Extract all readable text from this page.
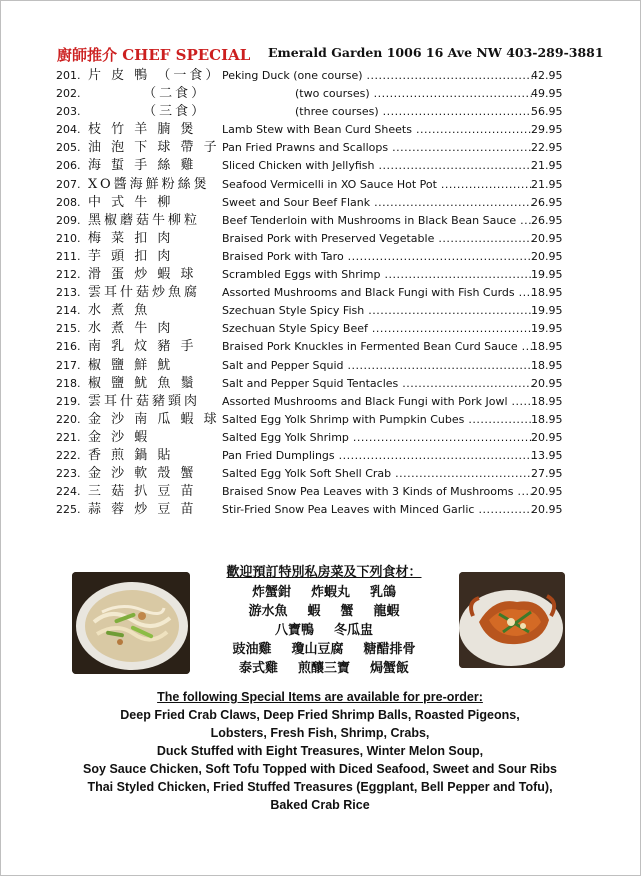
廚師推介 CHEF SPECIAL Emerald Garden 1006 16 Ave NW 403-289-3881
201. 片 皮 鴨 （一食） Peking Duck (one course) .....	42.95
202. 　　　 （二食）	(two courses) .....	49.95
203. 　　　 （三食）	(three courses) .....	56.95
204. 枝 竹 羊 腩 煲	Lamb Stew with Bean Curd Sheets .....	29.95
205. 油 泡 下 球 帶 子 Pan Fried Prawns and Scallops .....	22.95
206. 海 蜇 手 絲 雞	Sliced Chicken with Jellyfish .....	21.95
207. XO醬海鮮粉絲煲	Seafood Vermicelli in XO Sauce Hot Pot .....	21.95
208. 中 式 牛 柳	Sweet and Sour Beef Flank .....	26.95
209. 黑椒蘑菇牛柳粒	Beef Tenderloin with Mushrooms in Black Bean Sauce .....	26.95
210. 梅 菜 扣 肉	Braised Pork with Preserved Vegetable .....	20.95
211. 芋 頭 扣 肉	Braised Pork with Taro .....	20.95
212. 滑 蛋 炒 蝦 球	Scrambled Eggs with Shrimp .....	19.95
213. 雲耳什菇炒魚腐	Assorted Mushrooms and Black Fungi with Fish Curds .....	18.95
214. 水 煮 魚	Szechuan Style Spicy Fish .....	19.95
215. 水 煮 牛 肉	Szechuan Style Spicy Beef .....	19.95
216. 南 乳 炆 豬 手	Braised Pork Knuckles in Fermented Bean Curd Sauce .....	18.95
217. 椒 鹽 鮮 魷	Salt and Pepper Squid .....	18.95
218. 椒 鹽 魷 魚 鬚	Salt and Pepper Squid Tentacles .....	20.95
219. 雲耳什菇豬頸肉	Assorted Mushrooms and Black Fungi with Pork Jowl .....	18.95
220. 金 沙 南 瓜 蝦 球 Salted Egg Yolk Shrimp with Pumpkin Cubes .....	18.95
221. 金 沙 蝦	Salted Egg Yolk Shrimp .....	20.95
222. 香 煎 鍋 貼	Pan Fried Dumplings .....	13.95
223. 金 沙 軟 殼 蟹	Salted Egg Yolk Soft Shell Crab .....	27.95
224. 三 菇 扒 豆 苗	Braised Snow Pea Leaves with 3 Kinds of Mushrooms .....	20.95
225. 蒜 蓉 炒 豆 苗	Stir-Fried Snow Pea Leaves with Minced Garlic .....	20.95
歡迎預訂特別私房菜及下列食材：
炸蟹鉗 炸蝦丸 乳鴿
游水魚 蝦 蟹 龍蝦
八寶鴨 冬瓜盅
豉油雞 瓊山豆腐 糖醋排骨
泰式雞 煎釀三寶 焗蟹飯
The following Special Items are available for pre-order:
Deep Fried Crab Claws, Deep Fried Shrimp Balls, Roasted Pigeons,
Lobsters, Fresh Fish, Shrimp, Crabs,
Duck Stuffed with Eight Treasures, Winter Melon Soup,
Soy Sauce Chicken, Soft Tofu Topped with Diced Seafood, Sweet and Sour Ribs
Thai Styled Chicken, Fried Stuffed Treasures (Eggplant, Bell Pepper and Tofu),
Baked Crab Rice
